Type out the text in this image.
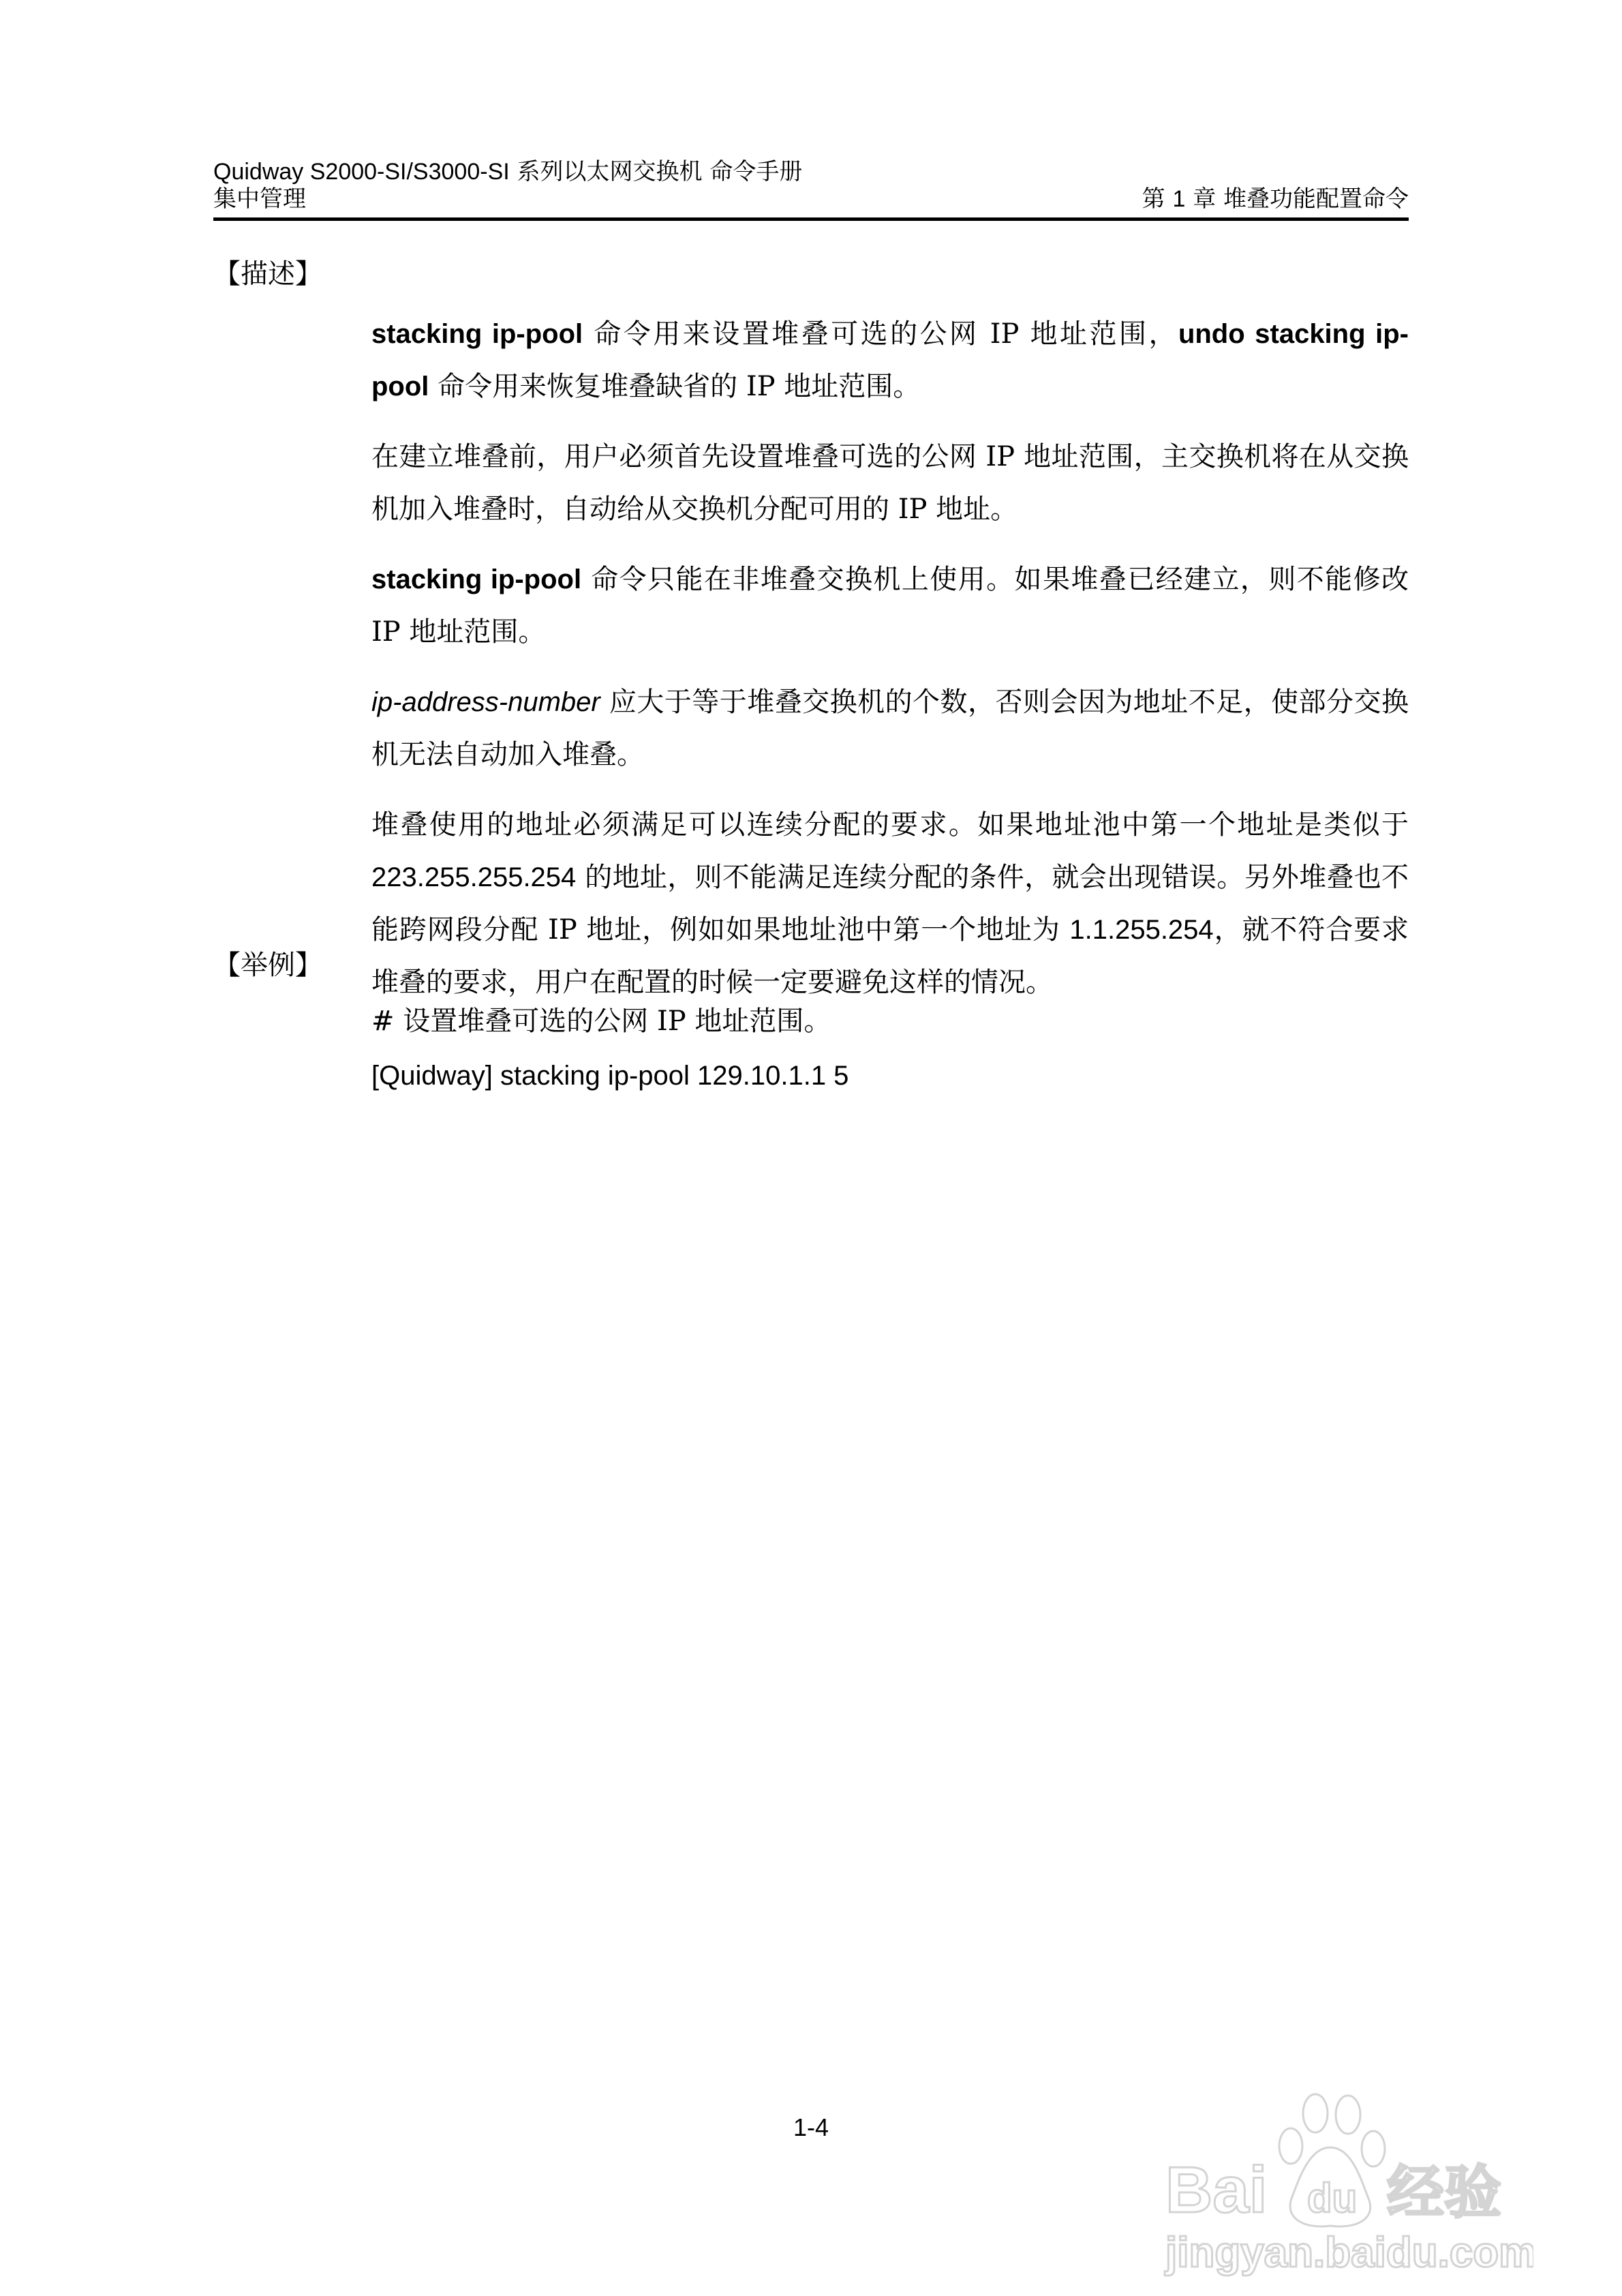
Quidway S2000-SI/S3000-SI 系列以太网交换机 命令手册
集中管理	第 1 章 堆叠功能配置命令
【描述】

stacking ip-pool 命令用来设置堆叠可选的公网 IP 地址范围，undo stacking ip-pool 命令用来恢复堆叠缺省的 IP 地址范围。

在建立堆叠前，用户必须首先设置堆叠可选的公网 IP 地址范围，主交换机将在从交换机加入堆叠时，自动给从交换机分配可用的 IP 地址。

stacking ip-pool 命令只能在非堆叠交换机上使用。如果堆叠已经建立，则不能修改 IP 地址范围。

ip-address-number 应大于等于堆叠交换机的个数，否则会因为地址不足，使部分交换机无法自动加入堆叠。

堆叠使用的地址必须满足可以连续分配的要求。如果地址池中第一个地址是类似于223.255.255.254 的地址，则不能满足连续分配的条件，就会出现错误。另外堆叠也不能跨网段分配 IP 地址，例如如果地址池中第一个地址为 1.1.255.254，就不符合要求堆叠的要求，用户在配置的时候一定要避免这样的情况。

【举例】
# 设置堆叠可选的公网 IP 地址范围。
[Quidway] stacking ip-pool 129.10.1.1 5
1-4
Bai du 经验
jingyan.baidu.com
